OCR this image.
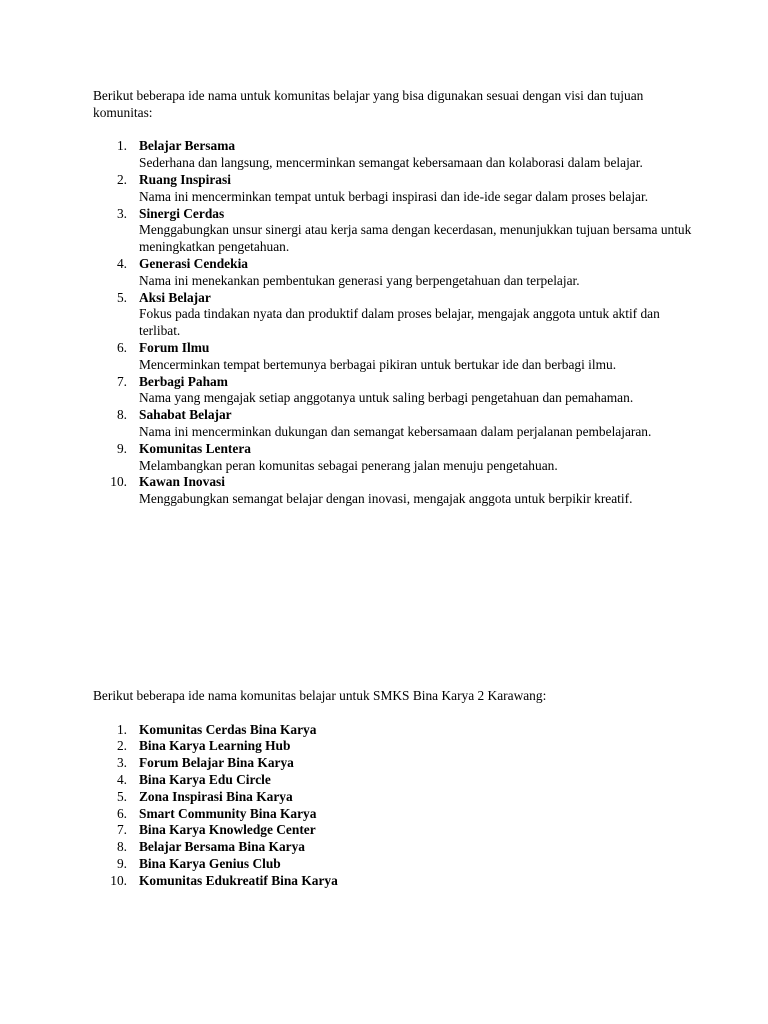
Berikut beberapa ide nama untuk komunitas belajar yang bisa digunakan sesuai dengan visi dan tujuan komunitas:

1. Belajar Bersama
Sederhana dan langsung, mencerminkan semangat kebersamaan dan kolaborasi dalam belajar.
2. Ruang Inspirasi
Nama ini mencerminkan tempat untuk berbagi inspirasi dan ide-ide segar dalam proses belajar.
3. Sinergi Cerdas
Menggabungkan unsur sinergi atau kerja sama dengan kecerdasan, menunjukkan tujuan bersama untuk meningkatkan pengetahuan.
4. Generasi Cendekia
Nama ini menekankan pembentukan generasi yang berpengetahuan dan terpelajar.
5. Aksi Belajar
Fokus pada tindakan nyata dan produktif dalam proses belajar, mengajak anggota untuk aktif dan terlibat.
6. Forum Ilmu
Mencerminkan tempat bertemunya berbagai pikiran untuk bertukar ide dan berbagi ilmu.
7. Berbagi Paham
Nama yang mengajak setiap anggotanya untuk saling berbagi pengetahuan dan pemahaman.
8. Sahabat Belajar
Nama ini mencerminkan dukungan dan semangat kebersamaan dalam perjalanan pembelajaran.
9. Komunitas Lentera
Melambangkan peran komunitas sebagai penerang jalan menuju pengetahuan.
10. Kawan Inovasi
Menggabungkan semangat belajar dengan inovasi, mengajak anggota untuk berpikir kreatif.

Berikut beberapa ide nama komunitas belajar untuk SMKS Bina Karya 2 Karawang:

1. Komunitas Cerdas Bina Karya
2. Bina Karya Learning Hub
3. Forum Belajar Bina Karya
4. Bina Karya Edu Circle
5. Zona Inspirasi Bina Karya
6. Smart Community Bina Karya
7. Bina Karya Knowledge Center
8. Belajar Bersama Bina Karya
9. Bina Karya Genius Club
10. Komunitas Edukreatif Bina Karya
